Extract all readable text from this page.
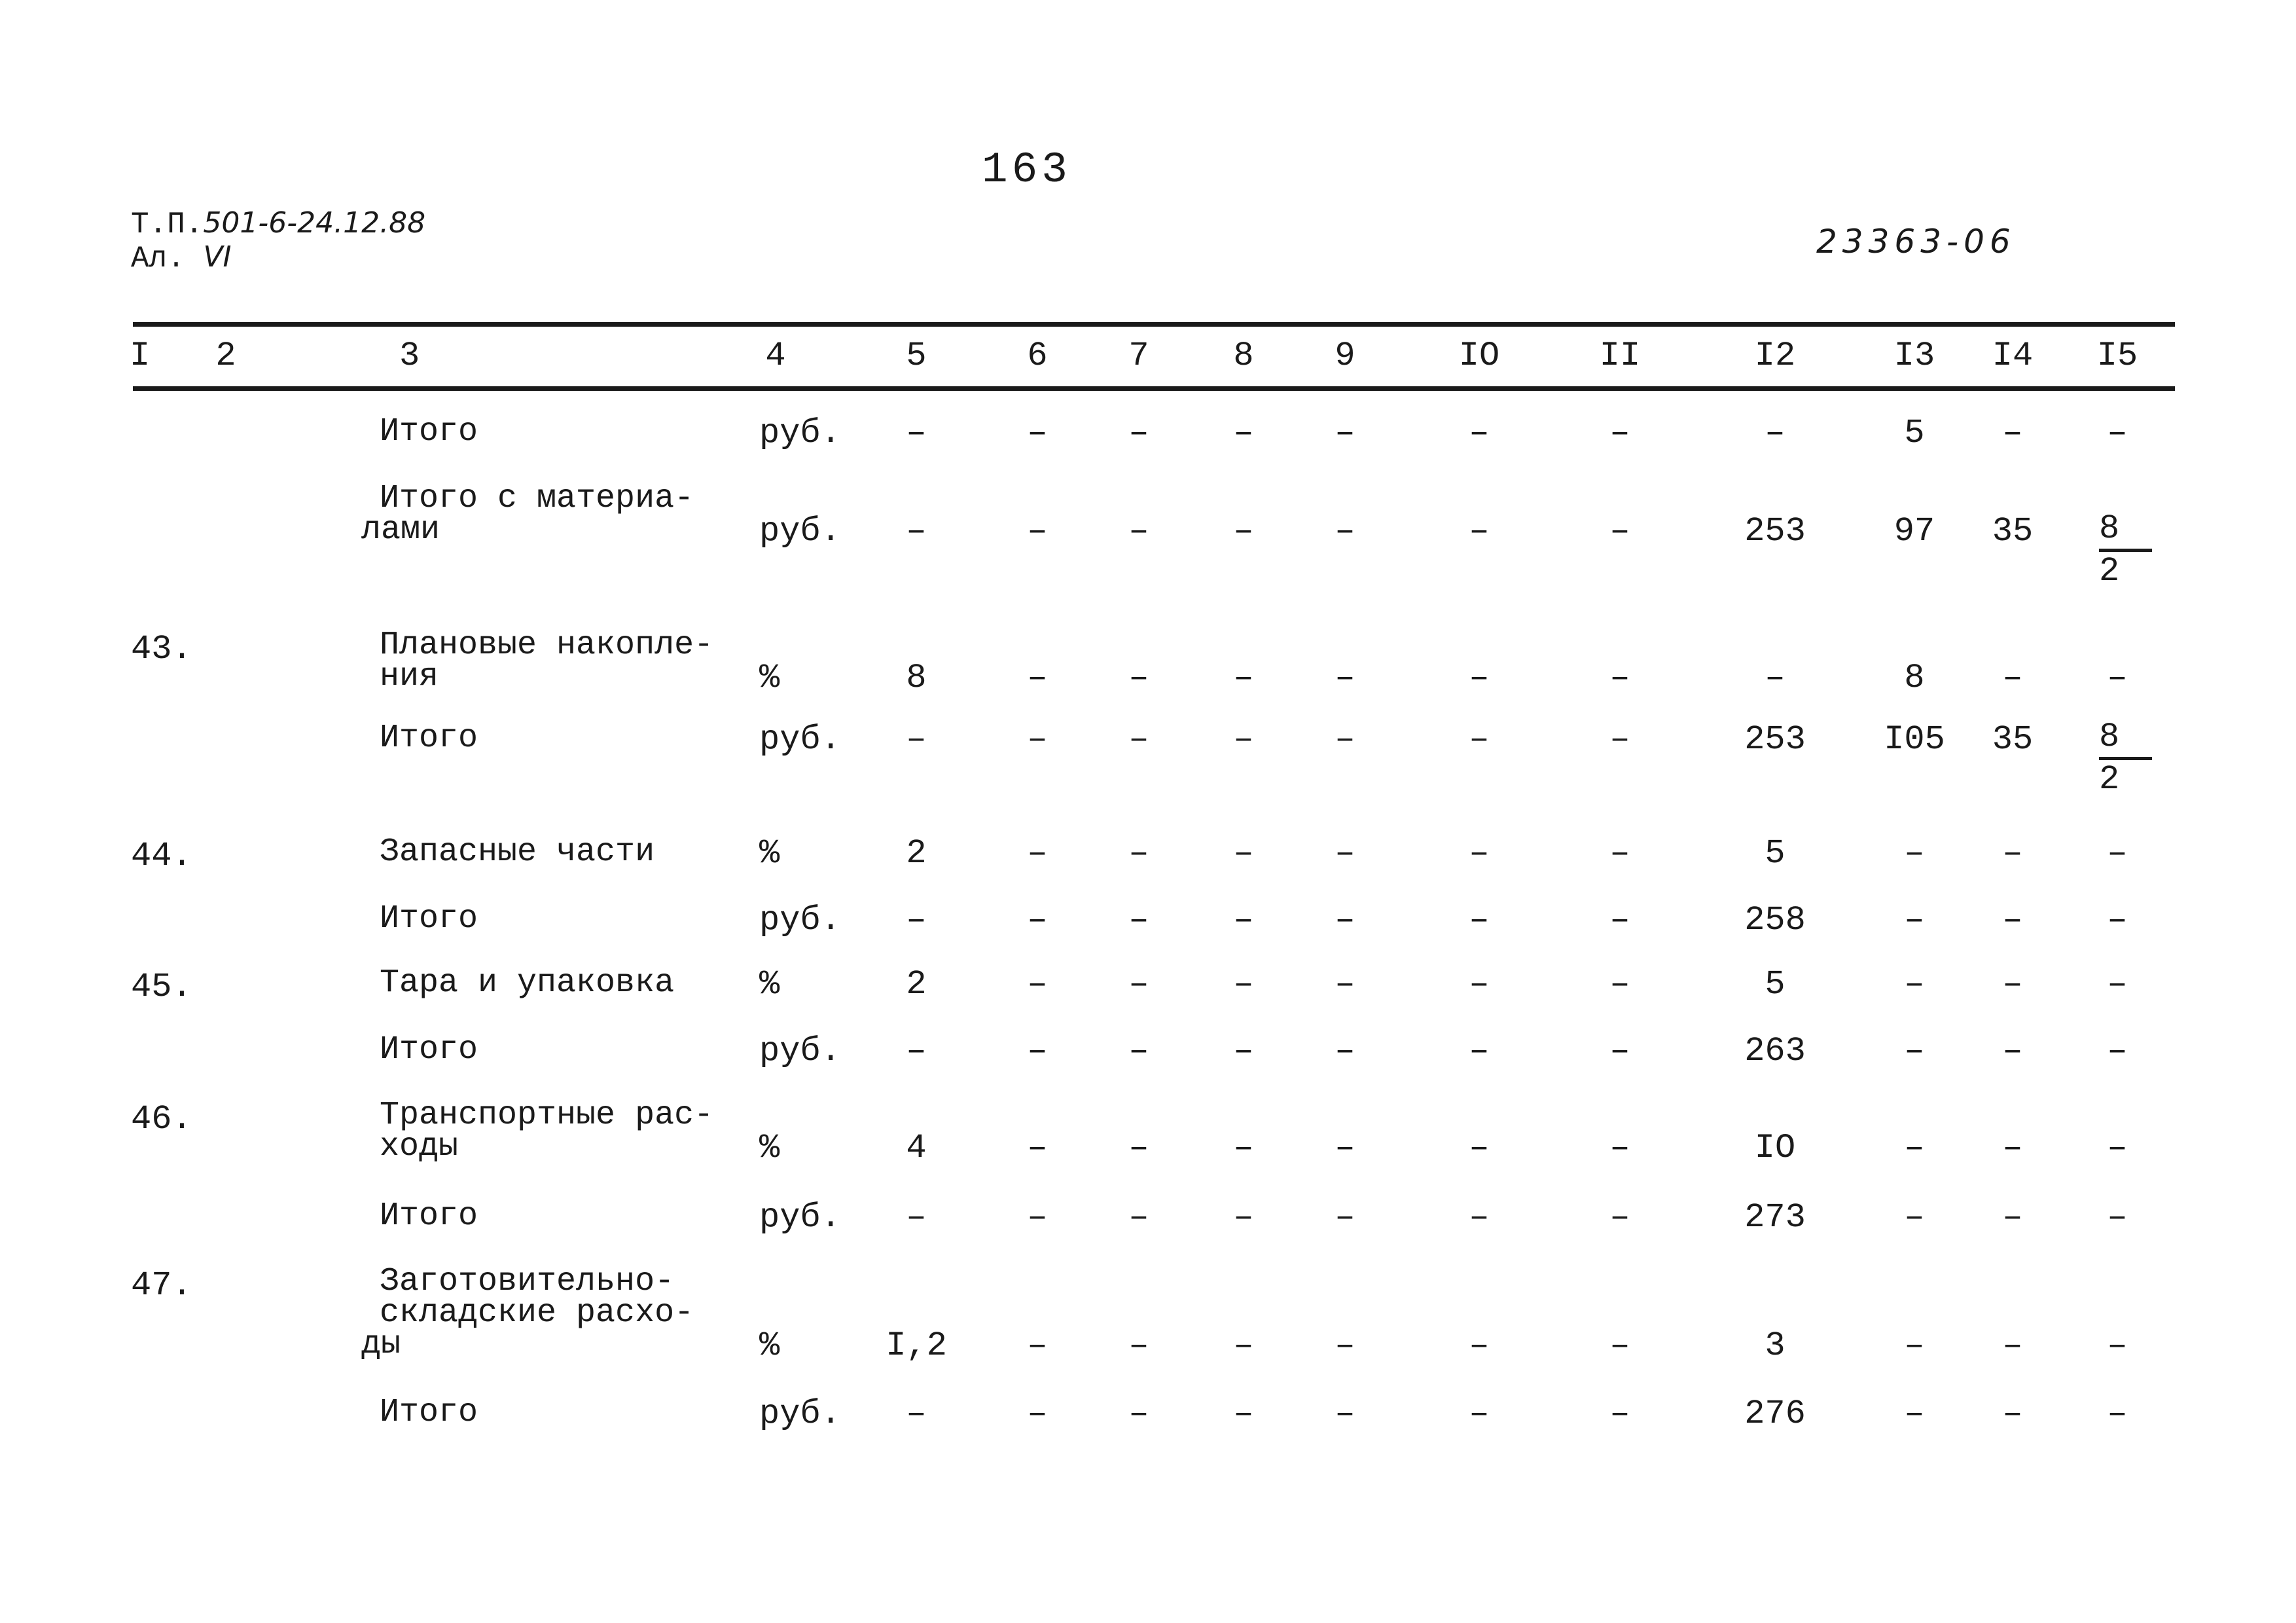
163
Т.П.501-6-24.12.88
Ал. VI	23363-06
I	2	3	4	5	6	7	8	9	IO	II	I2	I3	I4	I5
Итого	руб.	–	–	–	–	–	–	–	–	5	–	–
Итого с материа-
лами	руб.	–	–	–	–	–	–	–	253	97	35	$\frac{8}{2}$
43.	Плановые накопле-
ния	%	8	–	–	–	–	–	–	–	8	–	–
Итого	руб.	–	–	–	–	–	–	–	253	I05	35	$\frac{8}{2}$
44.	Запасные части	%	2	–	–	–	–	–	–	5	–	–	–
Итого	руб.	–	–	–	–	–	–	–	258	–	–	–
45.	Тара и упаковка %	2	–	–	–	–	–	–	5	–	–	–
Итого	руб.	–	–	–	–	–	–	–	263	–	–	–
46.	Транспортные рас-
ходы	%	4	–	–	–	–	–	–	IO	–	–	–
Итого	руб.	–	–	–	–	–	–	–	273	–	–	–
47.	Заготовительно-
складские расхо-
ды	%	I,2	–	–	–	–	–	–	3	–	–	–
Итого	руб.	–	–	–	–	–	–	–	276	–	–	–
